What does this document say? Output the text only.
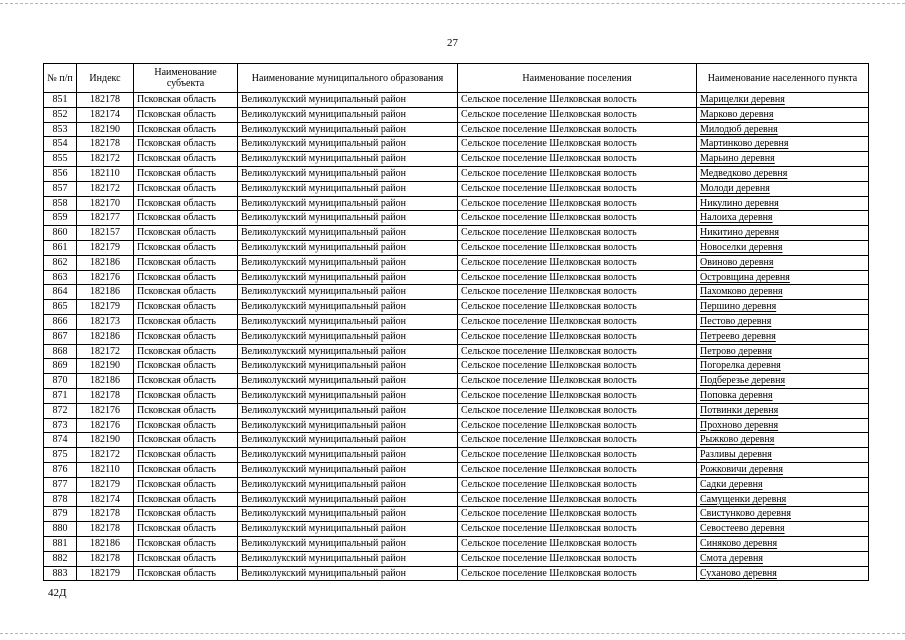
27
№ п/п	Индекс	Наименование субъекта	Наименование муниципального образования	Наименование поселения	Наименование населенного пункта
851	182178	Псковская область	Великолукский муниципальный район	Сельское поселение Шелковская волость	Марицелки деревня
852	182174	Псковская область	Великолукский муниципальный район	Сельское поселение Шелковская волость	Марково деревня
853	182190	Псковская область	Великолукский муниципальный район	Сельское поселение Шелковская волость	Милодюб деревня
854	182178	Псковская область	Великолукский муниципальный район	Сельское поселение Шелковская волость	Мартинково деревня
855	182172	Псковская область	Великолукский муниципальный район	Сельское поселение Шелковская волость	Марьино деревня
856	182110	Псковская область	Великолукский муниципальный район	Сельское поселение Шелковская волость	Медведково деревня
857	182172	Псковская область	Великолукский муниципальный район	Сельское поселение Шелковская волость	Молоди деревня
858	182170	Псковская область	Великолукский муниципальный район	Сельское поселение Шелковская волость	Никулино деревня
859	182177	Псковская область	Великолукский муниципальный район	Сельское поселение Шелковская волость	Налоиха деревня
860	182157	Псковская область	Великолукский муниципальный район	Сельское поселение Шелковская волость	Никитино деревня
861	182179	Псковская область	Великолукский муниципальный район	Сельское поселение Шелковская волость	Новоселки деревня
862	182186	Псковская область	Великолукский муниципальный район	Сельское поселение Шелковская волость	Овиново деревня
863	182176	Псковская область	Великолукский муниципальный район	Сельское поселение Шелковская волость	Островщина деревня
864	182186	Псковская область	Великолукский муниципальный район	Сельское поселение Шелковская волость	Пахомково деревня
865	182179	Псковская область	Великолукский муниципальный район	Сельское поселение Шелковская волость	Першино деревня
866	182173	Псковская область	Великолукский муниципальный район	Сельское поселение Шелковская волость	Пестово деревня
867	182186	Псковская область	Великолукский муниципальный район	Сельское поселение Шелковская волость	Петреево деревня
868	182172	Псковская область	Великолукский муниципальный район	Сельское поселение Шелковская волость	Петрово деревня
869	182190	Псковская область	Великолукский муниципальный район	Сельское поселение Шелковская волость	Погорелка деревня
870	182186	Псковская область	Великолукский муниципальный район	Сельское поселение Шелковская волость	Подберезье деревня
871	182178	Псковская область	Великолукский муниципальный район	Сельское поселение Шелковская волость	Поповка деревня
872	182176	Псковская область	Великолукский муниципальный район	Сельское поселение Шелковская волость	Потвинки деревня
873	182176	Псковская область	Великолукский муниципальный район	Сельское поселение Шелковская волость	Прохново деревня
874	182190	Псковская область	Великолукский муниципальный район	Сельское поселение Шелковская волость	Рыжково деревня
875	182172	Псковская область	Великолукский муниципальный район	Сельское поселение Шелковская волость	Разливы деревня
876	182110	Псковская область	Великолукский муниципальный район	Сельское поселение Шелковская волость	Рожковичи деревня
877	182179	Псковская область	Великолукский муниципальный район	Сельское поселение Шелковская волость	Садки деревня
878	182174	Псковская область	Великолукский муниципальный район	Сельское поселение Шелковская волость	Самущенки деревня
879	182178	Псковская область	Великолукский муниципальный район	Сельское поселение Шелковская волость	Свистунково деревня
880	182178	Псковская область	Великолукский муниципальный район	Сельское поселение Шелковская волость	Севостеево деревня
881	182186	Псковская область	Великолукский муниципальный район	Сельское поселение Шелковская волость	Синяково деревня
882	182178	Псковская область	Великолукский муниципальный район	Сельское поселение Шелковская волость	Смота деревня
883	182179	Псковская область	Великолукский муниципальный район	Сельское поселение Шелковская волость	Суханово деревня
42Д
